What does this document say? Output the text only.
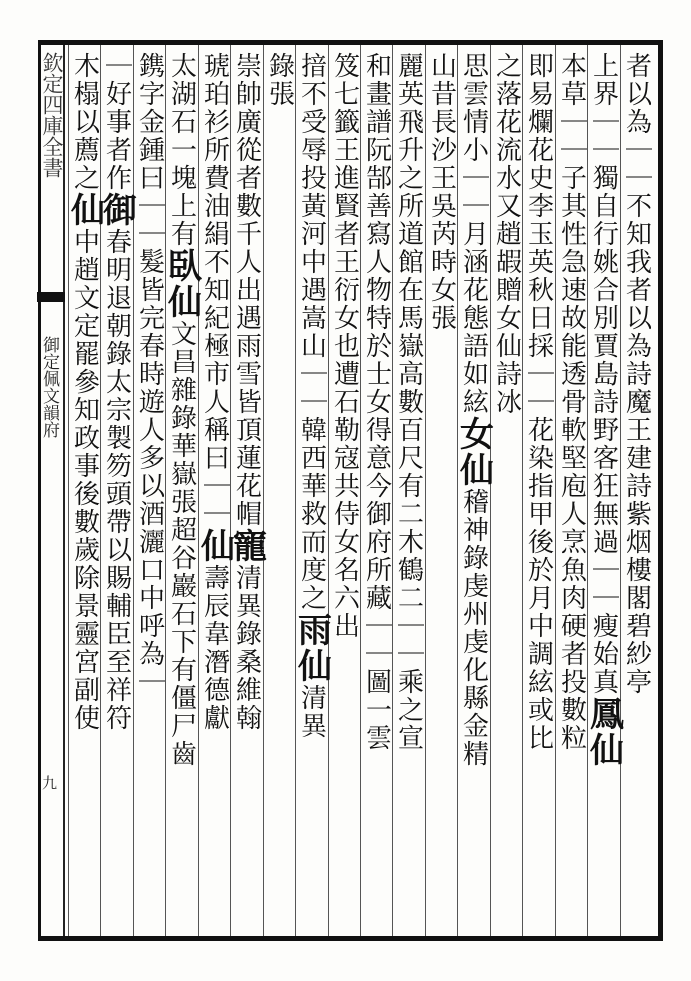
欽定四庫全書
御定佩文韻府
九
者以為
｜｜
不知我者以為詩魔王建詩紫烟樓閣碧紗亭
上界｜｜獨自行姚合別賈島詩野客狂無過｜｜瘦始真
鳳仙
本草｜｜子其性急速故能透骨軟堅庖人烹魚肉硬者投數粒
即易爛花史李玉英秋日採｜｜花染指甲後於月中調絃或比
之落花流水又趙嘏贈女仙詩冰
思雲情小｜｜月涵花態語如絃
女仙
稽神錄虔州虔化縣金精
山昔長沙王吳芮時女張
麗英飛升之所道館在馬嶽高數百尺有二木鶴二｜｜乘之宣
和畫譜阮郜善寫人物特於士女得意今御府所藏｜｜圖一雲
笈七籤王進賢者王衍女也遭石勒寇共侍女名六出
揞不受辱投黃河中遇嵩山｜｜韓西華救而度之
雨仙
清異
錄張
崇帥廣從者數千人出遇雨雪皆頂蓮花帽
寵
清異錄桑維翰
琥珀衫所費油絹不知紀極市人稱曰｜｜
仙
壽辰韋潛德獻
太湖石一塊上有
臥仙
文昌雜錄華嶽張超谷巖石下有僵尸齒
鎸字金鍾曰｜｜
髮皆完春時遊人多以酒灑口中呼為｜
｜好事者作
御
春明退朝錄太宗製笏頭帶以賜輔臣至祥符
木榻以薦之
仙
中趙文定罷參知政事後數歲除景靈宮副使
